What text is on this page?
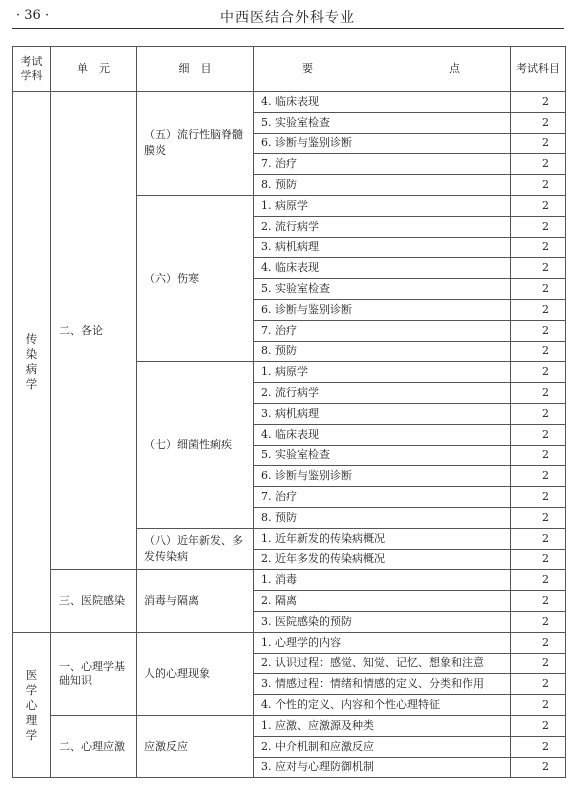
· 36 ·	中西医结合外科专业
考试学科	单　元	细　目	要　　点	考试科目
传染病学	二、各论	（五）流行性脑脊髓膜炎	4. 临床表现	2
			5. 实验室检查	2
			6. 诊断与鉴别诊断	2
			7. 治疗	2
			8. 预防	2
		（六）伤寒	1. 病原学	2
			2. 流行病学	2
			3. 病机病理	2
			4. 临床表现	2
			5. 实验室检查	2
			6. 诊断与鉴别诊断	2
			7. 治疗	2
			8. 预防	2
		（七）细菌性痢疾	1. 病原学	2
			2. 流行病学	2
			3. 病机病理	2
			4. 临床表现	2
			5. 实验室检查	2
			6. 诊断与鉴别诊断	2
			7. 治疗	2
			8. 预防	2
		（八）近年新发、多发传染病	1. 近年新发的传染病概况	2
			2. 近年多发的传染病概况	2
	三、医院感染	消毒与隔离	1. 消毒	2
			2. 隔离	2
			3. 医院感染的预防	2
医学心理学	一、心理学基础知识	人的心理现象	1. 心理学的内容	2
			2. 认识过程：感觉、知觉、记忆、想象和注意	2
			3. 情感过程：情绪和情感的定义、分类和作用	2
			4. 个性的定义、内容和个性心理特征	2
	二、心理应激	应激反应	1. 应激、应激源及种类	2
			2. 中介机制和应激反应	2
			3. 应对与心理防御机制	2
